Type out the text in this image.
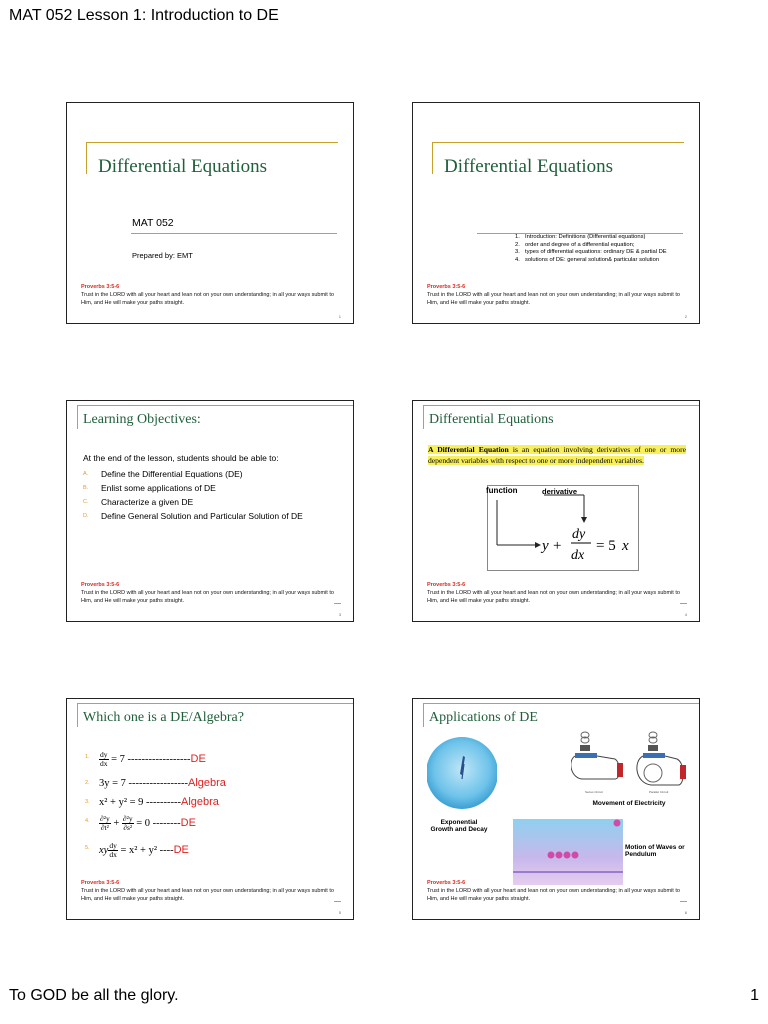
MAT 052 Lesson 1: Introduction to DE
Differential Equations
MAT 052
Prepared by: EMT
Proverbs 3:5-6
Trust in the LORD with all your heart and lean not on your own understanding; in all your ways submit to Him, and He will make your paths straight.
1
Differential Equations
1. Introduction: Definitions (Differential equations)
2. order and degree of a differential equation;
3. types of differential equations: ordinary DE & partial DE
4. solutions of DE: general solution& particular solution
Proverbs 3:5-6
Trust in the LORD with all your heart and lean not on your own understanding; in all your ways submit to Him, and He will make your paths straight.
2
Learning Objectives:
At the end of the lesson, students should be able to:
A. Define the Differential Equations (DE)
B. Enlist some applications of DE
C. Characterize a given DE
D. Define General Solution and Particular Solution of DE
Proverbs 3:5-6
Trust in the LORD with all your heart and lean not on your own understanding; in all your ways submit to Him, and He will make your paths straight.
3
Differential Equations
A Differential Equation is an equation involving derivatives of one or more dependent variables with respect to one or more independent variables.
y +
dy
dx
= 5 x
function	derivative
Proverbs 3:5-6
Trust in the LORD with all your heart and lean not on your own understanding; in all your ways submit to Him, and He will make your paths straight.
4
Which one is a DE/Algebra?
1. $\frac{dy}{dx} = 7$ ------------------DE
2. 3y = 7 -----------------Algebra
3. x² + y² = 9 ----------Algebra
4. $\frac{\text{∂²y}}{\text{∂t²}} + \frac{\text{∂²y}}{\text{∂s²}} = 0$ --------DE
5. xy $\frac{dy}{dx} = x^2 + y^2$ ----DE
Proverbs 3:5-6
Trust in the LORD with all your heart and lean not on your own understanding; in all your ways submit to Him, and He will make your paths straight.
5
Applications of DE
Series Circuit	Parallel Circuit
Movement of Electricity
Exponential Growth and Decay
Motion of Waves or Pendulum
Proverbs 3:5-6
Trust in the LORD with all your heart and lean not on your own understanding; in all your ways submit to Him, and He will make your paths straight.
6
To GOD be all the glory.	1
